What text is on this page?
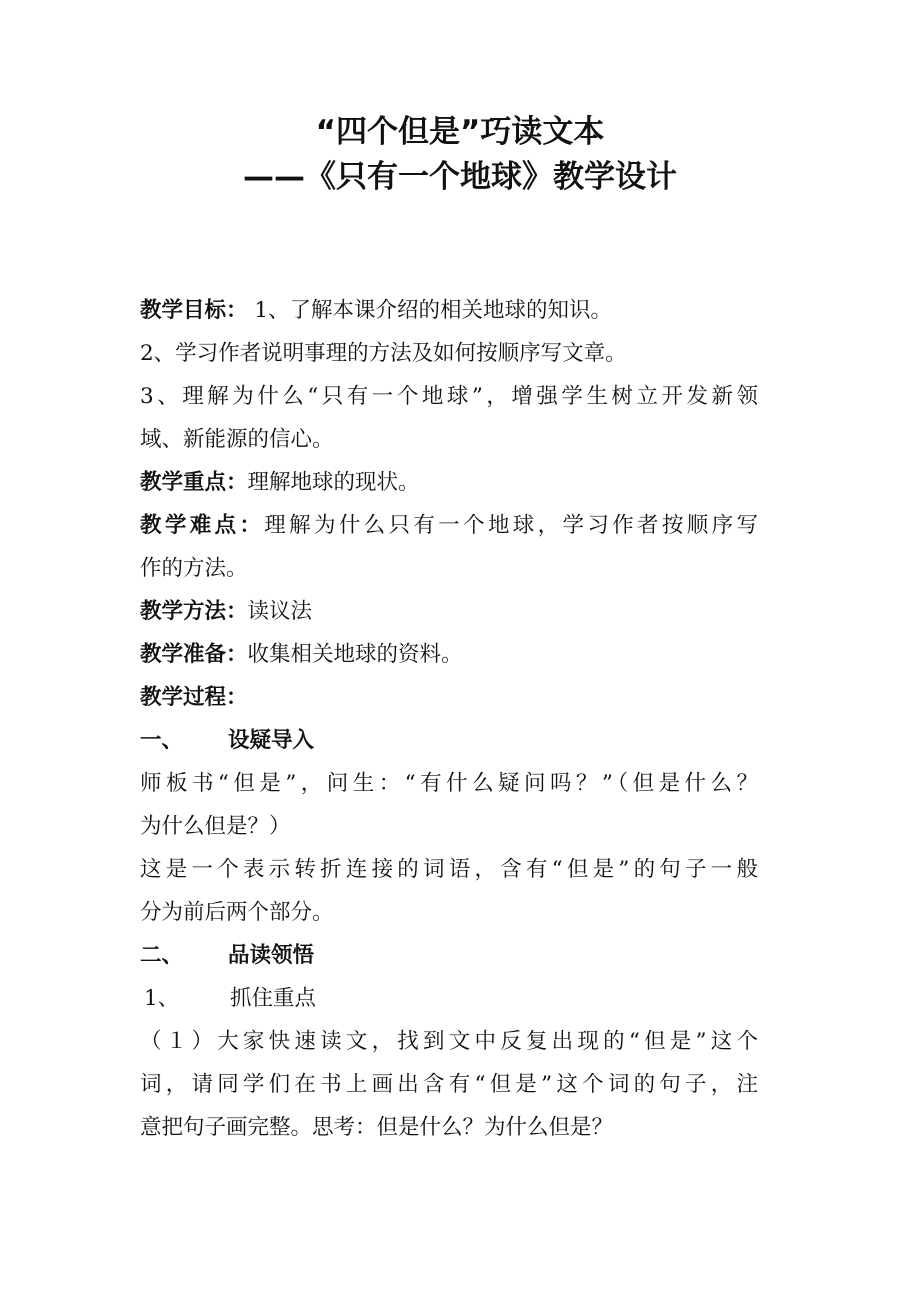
“四个但是”巧读文本
——《只有一个地球》教学设计
教学目标： 1、了解本课介绍的相关地球的知识。
2、学习作者说明事理的方法及如何按顺序写文章。
3、理解为什么“只有一个地球”，增强学生树立开发新领
域、新能源的信心。
教学重点：理解地球的现状。
教学难点：理解为什么只有一个地球，学习作者按顺序写
作的方法。
教学方法：读议法
教学准备：收集相关地球的资料。
教学过程：
一、 设疑导入
师板书“但是”，问生：“有什么疑问吗？”（但是什么？
为什么但是？）
这是一个表示转折连接的词语，含有“但是”的句子一般
分为前后两个部分。
二、 品读领悟
1、 抓住重点
（１）大家快速读文，找到文中反复出现的“但是”这个
词，请同学们在书上画出含有“但是”这个词的句子，注
意把句子画完整。思考：但是什么？为什么但是？
